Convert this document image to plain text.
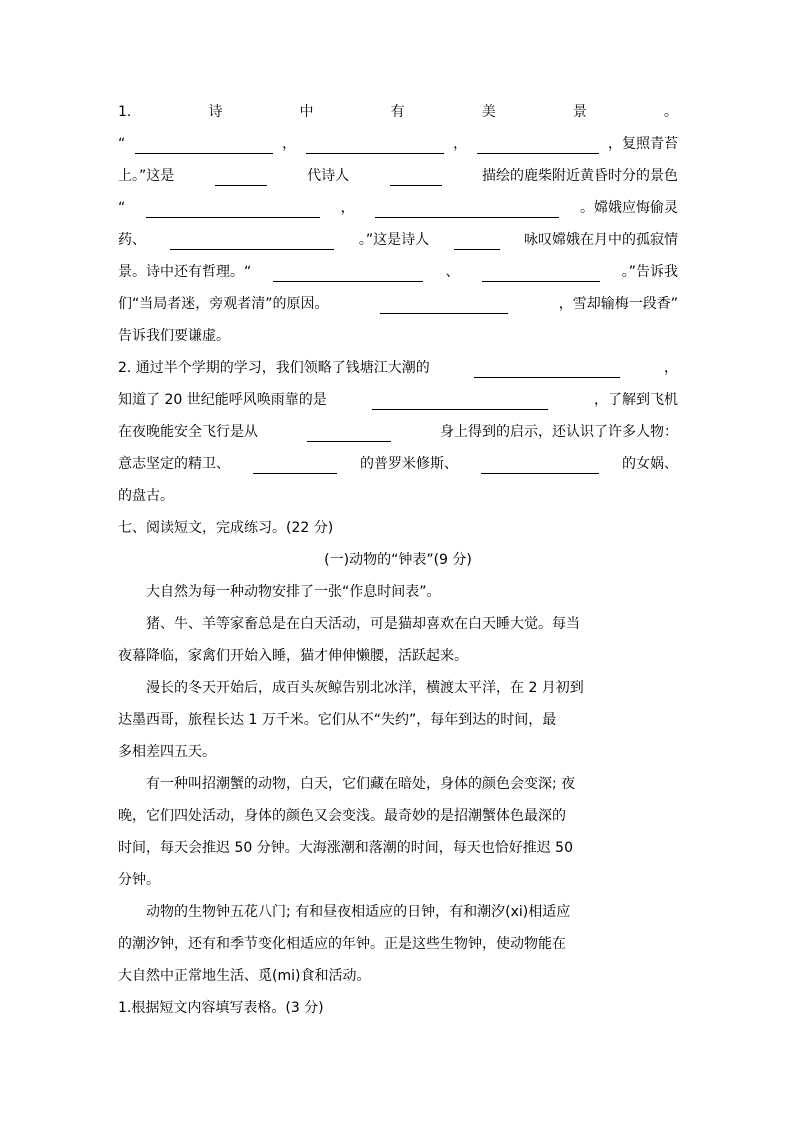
1.	诗	中	有	美	景	。
“	，	，	，复照青苔
上。”这是	代诗人	描绘的鹿柴附近黄昏时分的景色
“	，	。嫦娥应悔偷灵
药、	。”这是诗人	咏叹嫦娥在月中的孤寂情
景。诗中还有哲理。“	、	。”告诉我
们“当局者迷，旁观者清”的原因。	，雪却输梅一段香”
告诉我们要谦虚。
2. 通过半个学期的学习，我们领略了钱塘江大潮的	，
知道了 20 世纪能呼风唤雨靠的是	，了解到飞机
在夜晚能安全飞行是从	身上得到的启示，还认识了许多人物：
意志坚定的精卫、	的普罗米修斯、	的女娲、
的盘古。
七、阅读短文，完成练习。(22 分)
(一)动物的“钟表”(9 分)
大自然为每一种动物安排了一张“作息时间表”。
猪、牛、羊等家畜总是在白天活动，可是猫却喜欢在白天睡大觉。每当
夜幕降临，家禽们开始入睡，猫才伸伸懒腰，活跃起来。
漫长的冬天开始后，成百头灰鲸告别北冰洋，横渡太平洋，在 2 月初到
达墨西哥，旅程长达 1 万千米。它们从不“失约”，每年到达的时间，最
多相差四五天。
有一种叫招潮蟹的动物，白天，它们藏在暗处，身体的颜色会变深; 夜
晚，它们四处活动，身体的颜色又会变浅。最奇妙的是招潮蟹体色最深的
时间，每天会推迟 50 分钟。大海涨潮和落潮的时间，每天也恰好推迟 50
分钟。
动物的生物钟五花八门; 有和昼夜相适应的日钟，有和潮汐(xi)相适应
的潮汐钟，还有和季节变化相适应的年钟。正是这些生物钟，使动物能在
大自然中正常地生活、觅(mi)食和活动。
1.根据短文内容填写表格。(3 分)
